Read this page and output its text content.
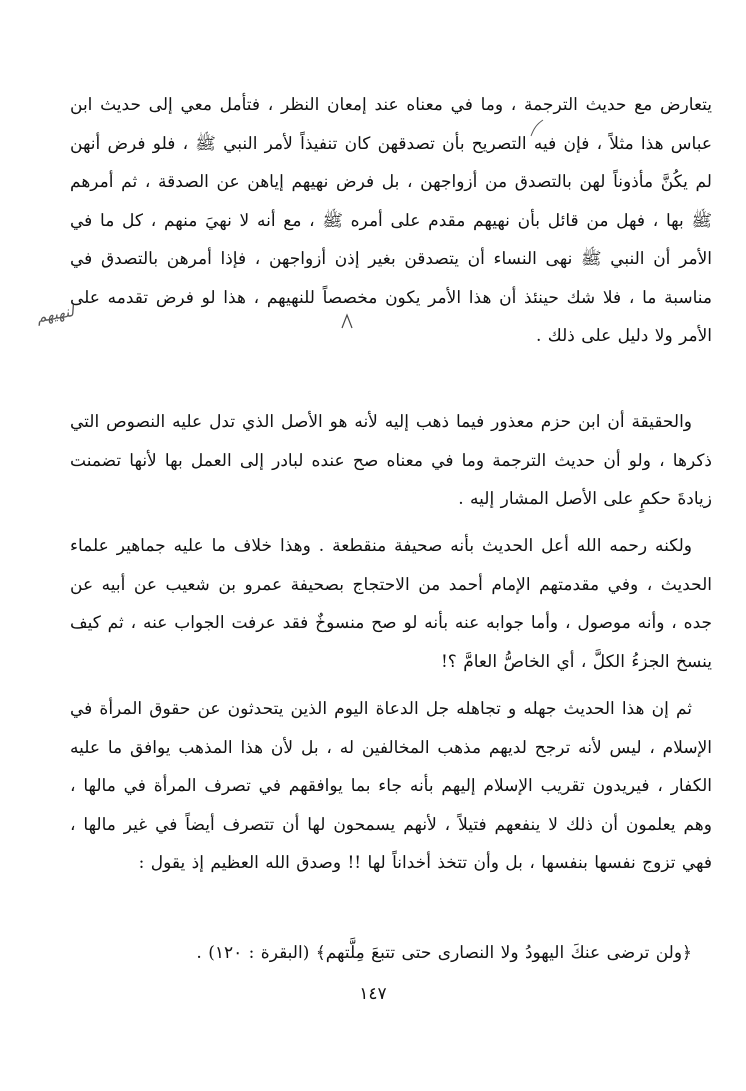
يتعارض مع حديث الترجمة ، وما في معناه عند إمعان النظر ، فتأمل معي إلى حديث ابن عباس هذا مثلاً ، فإن فيه التصريح بأن تصدقهن كان تنفيذاً لأمر النبي ﷺ ، فلو فرض أنهن لم يكُنَّ مأذوناً لهن بالتصدق من أزواجهن ، بل فرض نهيهم إياهن عن الصدقة ، ثم أمرهم ﷺ بها ، فهل من قائل بأن نهيهم مقدم على أمره ﷺ ، مع أنه لا نهيَ منهم ، كل ما في الأمر أن النبي ﷺ نهى النساء أن يتصدقن بغير إذن أزواجهن ، فإذا أمرهن بالتصدق في مناسبة ما ، فلا شك حينئذ أن هذا الأمر يكون مخصصاً للنهيهم ، هذا لو فرض تقدمه على الأمر ولا دليل على ذلك .

والحقيقة أن ابن حزم معذور فيما ذهب إليه لأنه هو الأصل الذي تدل عليه النصوص التي ذكرها ، ولو أن حديث الترجمة وما في معناه صح عنده لبادر إلى العمل بها لأنها تضمنت زيادةَ حكمٍ على الأصل المشار إليه .

ولكنه رحمه الله أعل الحديث بأنه صحيفة منقطعة . وهذا خلاف ما عليه جماهير علماء الحديث ، وفي مقدمتهم الإمام أحمد من الاحتجاج بصحيفة عمرو بن شعيب عن أبيه عن جده ، وأنه موصول ، وأما جوابه عنه بأنه لو صح منسوخٌ فقد عرفت الجواب عنه ، ثم كيف ينسخ الجزءُ الكلَّ ، أي الخاصُّ العامَّ ؟!

ثم إن هذا الحديث جهله و تجاهله جل الدعاة اليوم الذين يتحدثون عن حقوق المرأة في الإسلام ، ليس لأنه ترجح لديهم مذهب المخالفين له ، بل لأن هذا المذهب يوافق ما عليه الكفار ، فيريدون تقريب الإسلام إليهم بأنه جاء بما يوافقهم في تصرف المرأة في مالها ، وهم يعلمون أن ذلك لا ينفعهم فتيلاً ، لأنهم يسمحون لها أن تتصرف أيضاً في غير مالها ، فهي تزوج نفسها بنفسها ، بل وأن تتخذ أخداناً لها !! وصدق الله العظيم إذ يقول :

﴿ولن ترضى عنكَ اليهودُ ولا النصارى حتى تتبعَ مِلَّتهم﴾ (البقرة : ١٢٠) .

١٤٧
لنهيهم
